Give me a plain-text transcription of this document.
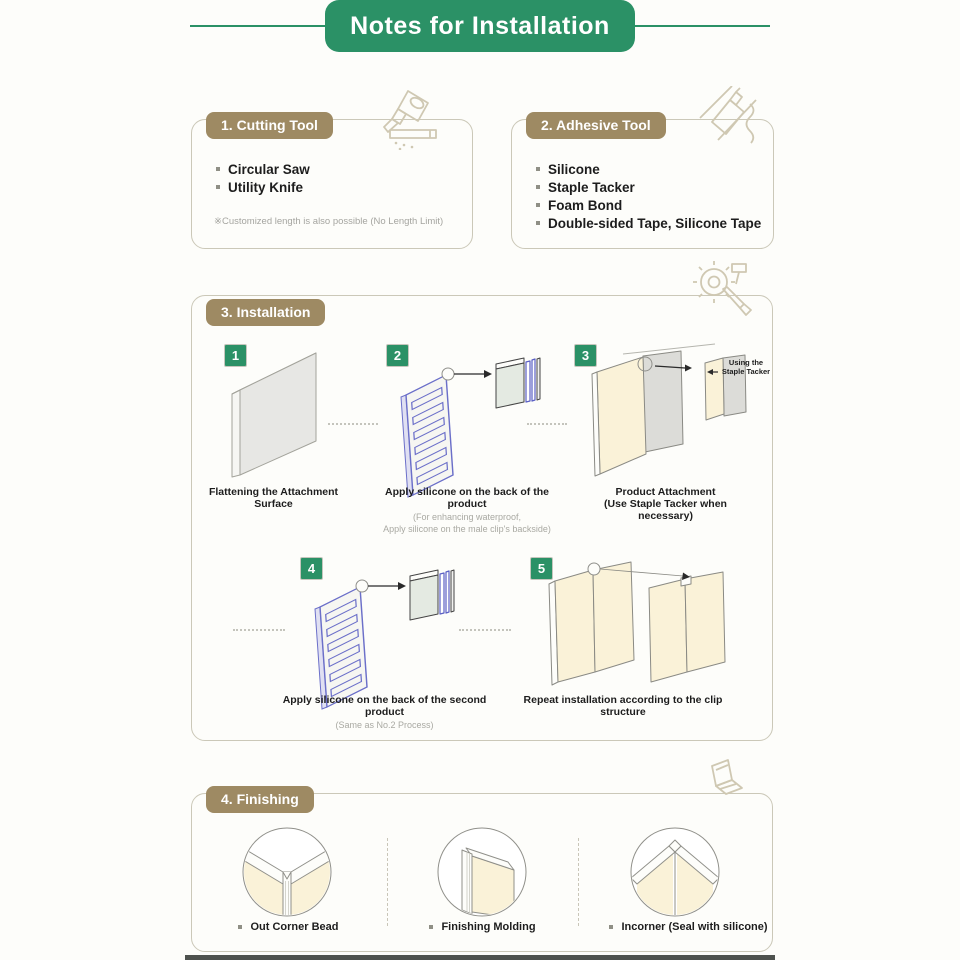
Notes for Installation
1. Cutting Tool
Circular Saw
Utility Knife
※Customized length is also possible (No Length Limit)
2. Adhesive Tool
Silicone
Staple Tacker
Foam Bond
Double-sided Tape, Silicone Tape
3. Installation
1	2	3
4	5
Using the Staple Tacker
Flattening the Attachment Surface
Apply silicone on the back of the product
(For enhancing waterproof,
Apply silicone on the male clip's backside)
Product Attachment
(Use Staple Tacker when necessary)
Apply silicone on the back of the second product
(Same as No.2 Process)
Repeat installation according to the clip structure
4. Finishing
Out Corner Bead	Finishing Molding	Incorner (Seal with silicone)
